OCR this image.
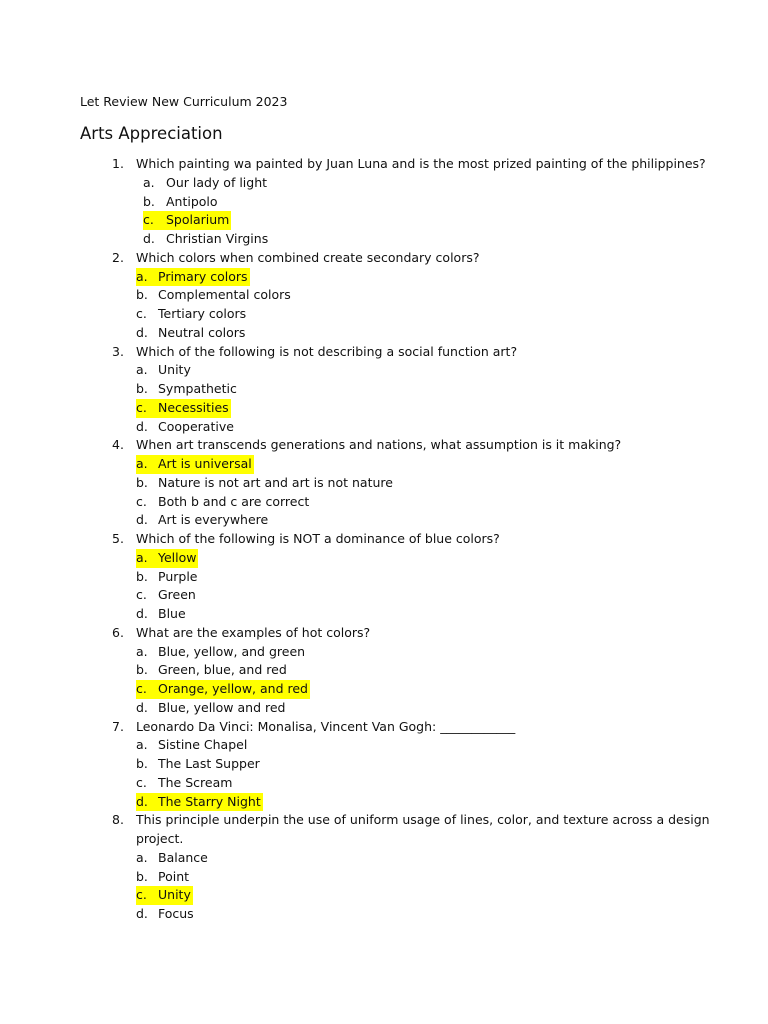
Let Review New Curriculum 2023
Arts Appreciation
1. Which painting wa painted by Juan Luna and is the most prized painting of the philippines?
a. Our lady of light
b. Antipolo
c. Spolarium
d. Christian Virgins
2. Which colors when combined create secondary colors?
a. Primary colors
b. Complemental colors
c. Tertiary colors
d. Neutral colors
3. Which of the following is not describing a social function art?
a. Unity
b. Sympathetic
c. Necessities
d. Cooperative
4. When art transcends generations and nations, what assumption is it making?
a. Art is universal
b. Nature is not art and art is not nature
c. Both b and c are correct
d. Art is everywhere
5. Which of the following is NOT a dominance of blue colors?
a. Yellow
b. Purple
c. Green
d. Blue
6. What are the examples of hot colors?
a. Blue, yellow, and green
b. Green, blue, and red
c. Orange, yellow, and red
d. Blue, yellow and red
7. Leonardo Da Vinci: Monalisa, Vincent Van Gogh: ____________
a. Sistine Chapel
b. The Last Supper
c. The Scream
d. The Starry Night
8. This principle underpin the use of uniform usage of lines, color, and texture across a design
project.
a. Balance
b. Point
c. Unity
d. Focus
